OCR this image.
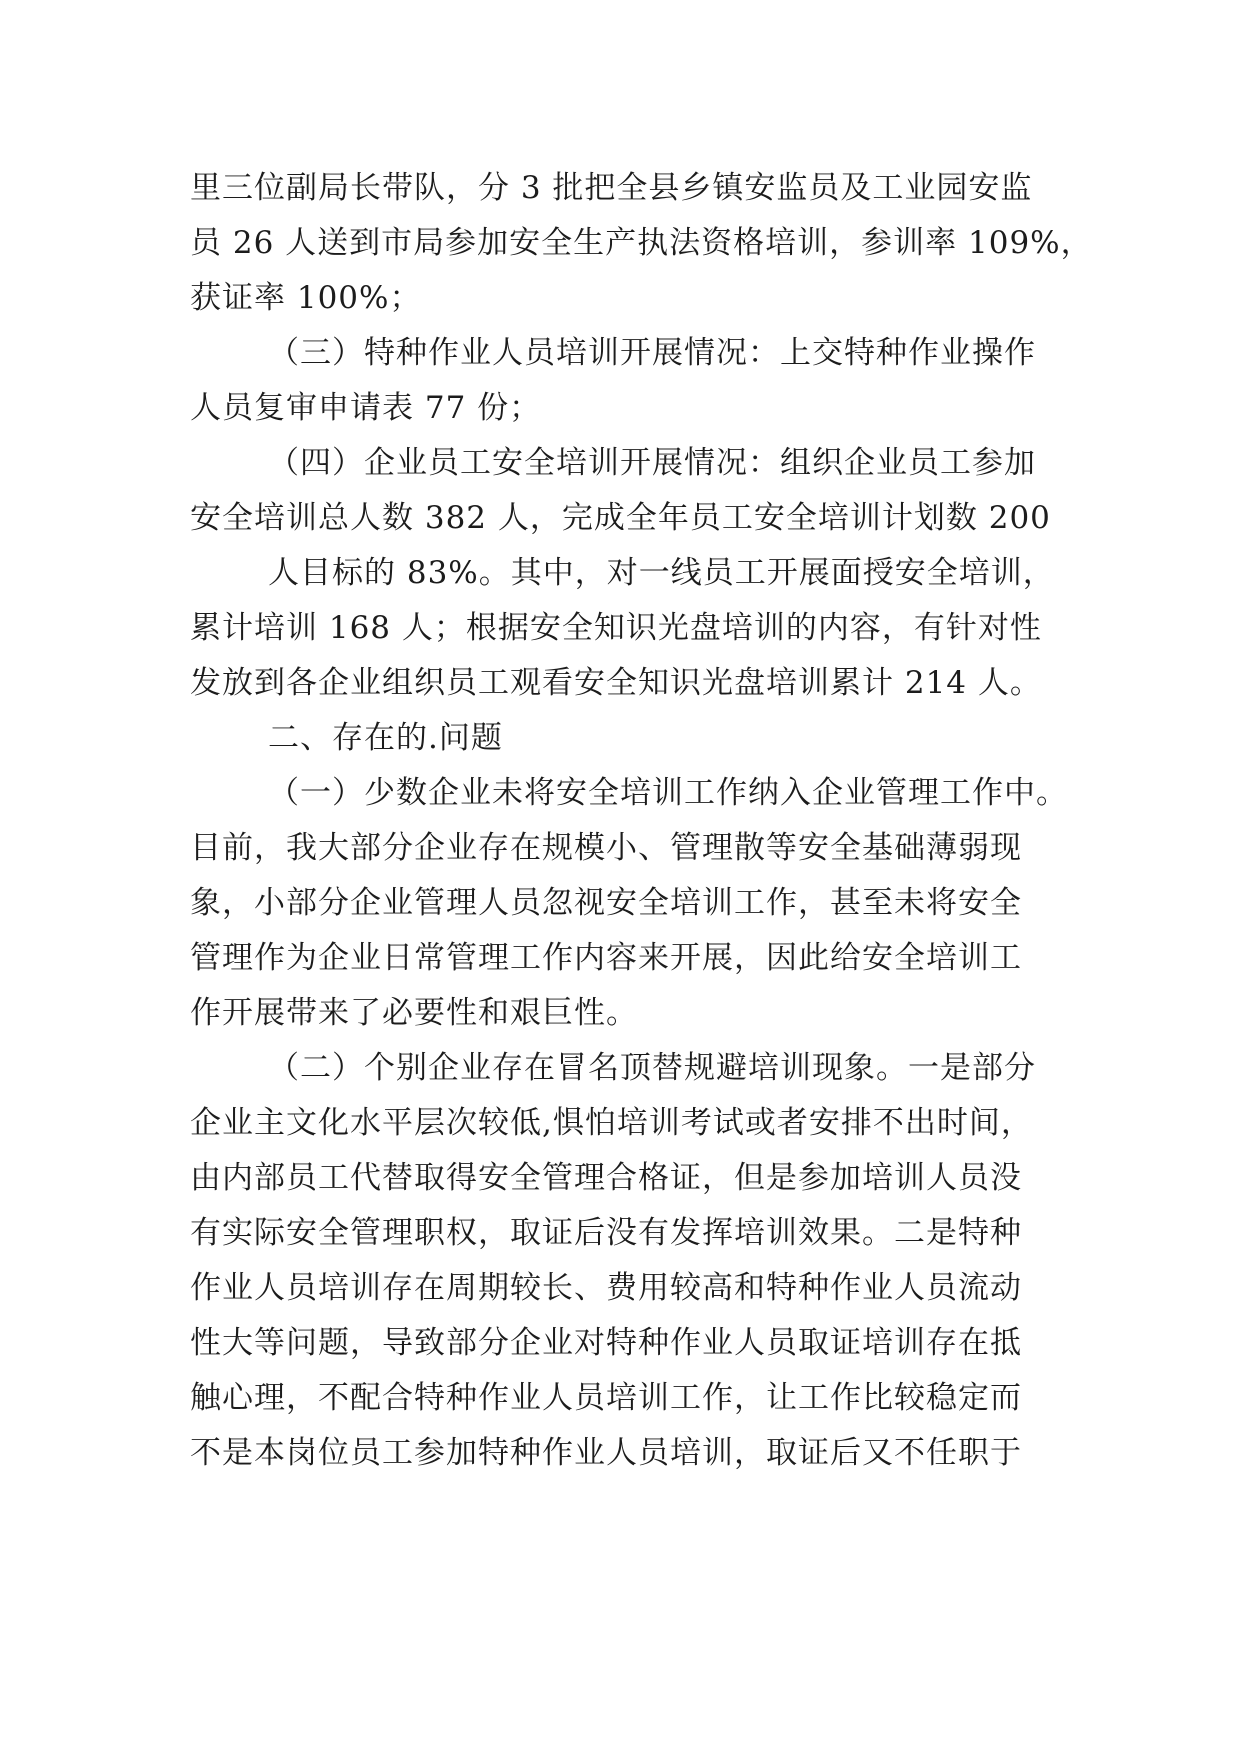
里三位副局长带队，分 3 批把全县乡镇安监员及工业园安监
员 26 人送到市局参加安全生产执法资格培训，参训率 109%，
获证率 100%；
（三）特种作业人员培训开展情况：上交特种作业操作
人员复审申请表 77 份；
（四）企业员工安全培训开展情况：组织企业员工参加
安全培训总人数 382 人，完成全年员工安全培训计划数 200
人目标的 83%。其中，对一线员工开展面授安全培训，
累计培训 168 人；根据安全知识光盘培训的内容，有针对性
发放到各企业组织员工观看安全知识光盘培训累计 214 人。
二、存在的.问题
（一）少数企业未将安全培训工作纳入企业管理工作中。
目前，我大部分企业存在规模小、管理散等安全基础薄弱现
象，小部分企业管理人员忽视安全培训工作，甚至未将安全
管理作为企业日常管理工作内容来开展，因此给安全培训工
作开展带来了必要性和艰巨性。
（二）个别企业存在冒名顶替规避培训现象。一是部分
企业主文化水平层次较低,惧怕培训考试或者安排不出时间，
由内部员工代替取得安全管理合格证，但是参加培训人员没
有实际安全管理职权，取证后没有发挥培训效果。二是特种
作业人员培训存在周期较长、费用较高和特种作业人员流动
性大等问题，导致部分企业对特种作业人员取证培训存在抵
触心理，不配合特种作业人员培训工作，让工作比较稳定而
不是本岗位员工参加特种作业人员培训，取证后又不任职于
